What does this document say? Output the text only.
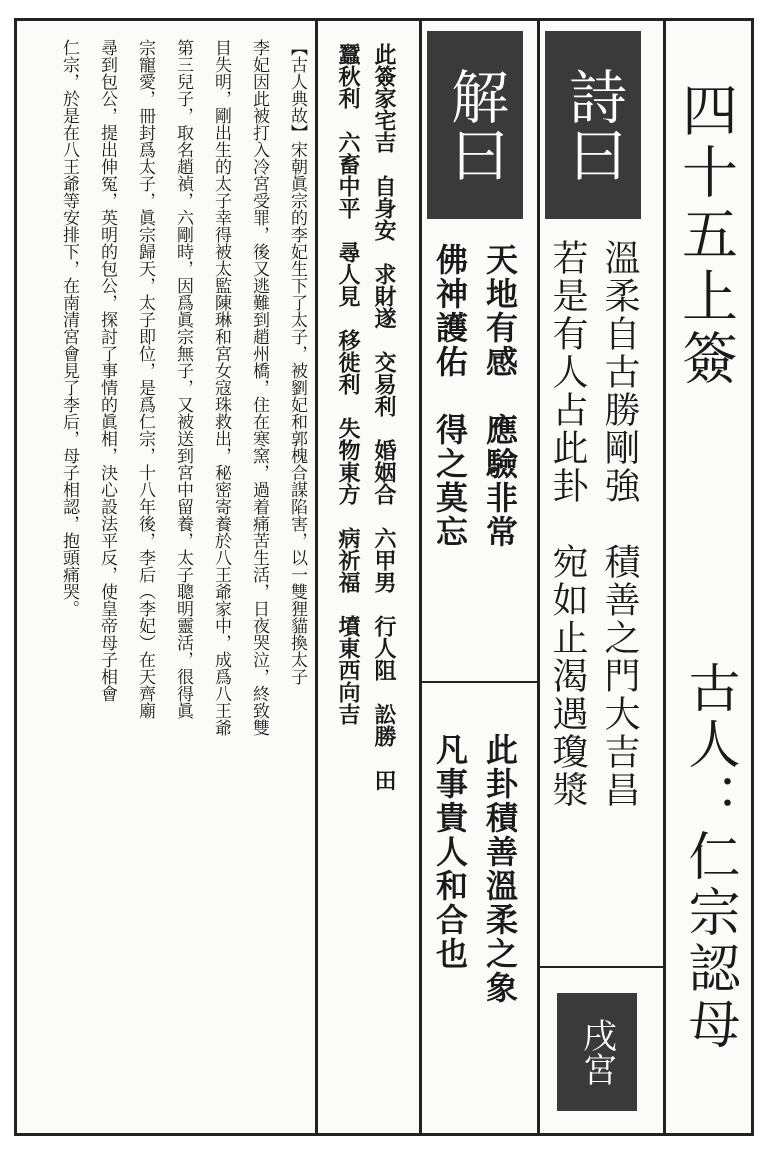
四十五上簽
古人：仁宗認母
詩曰
溫柔自古勝剛強　積善之門大吉昌
若是有人占此卦　宛如止渴遇瓊漿
戌宮
解曰
天地有感　應驗非常
佛神護佑　得之莫忘
此卦積善溫柔之象
凡事貴人和合也
此簽家宅吉　自身安　求財遂　交易利　婚姻合　六甲男　行人阻　訟勝　田
蠶秋利　六畜中平　尋人見　移徙利　失物東方　病祈福　墳東西向吉
【古人典故】宋朝眞宗的李妃生下了太子，被劉妃和郭槐合謀陷害，以一雙狸貓換太子
李妃因此被打入冷宮受罪，後又逃難到趙州橋，住在寒窯，過着痛苦生活，日夜哭泣，終致雙
目失明，剛出生的太子幸得被太監陳琳和宮女寇珠救出，秘密寄養於八王爺家中，成爲八王爺
第三兒子，取名趙禎，六剛時，因爲眞宗無子，又被送到宮中留養，太子聰明靈活，很得眞
宗寵愛，冊封爲太子，眞宗歸天，太子即位，是爲仁宗，十八年後，李后（李妃）在天齊廟
尋到包公，提出伸冤，英明的包公，探討了事情的眞相，決心設法平反，使皇帝母子相會
仁宗，於是在八王爺等安排下，在南清宮會見了李后，母子相認，抱頭痛哭。
